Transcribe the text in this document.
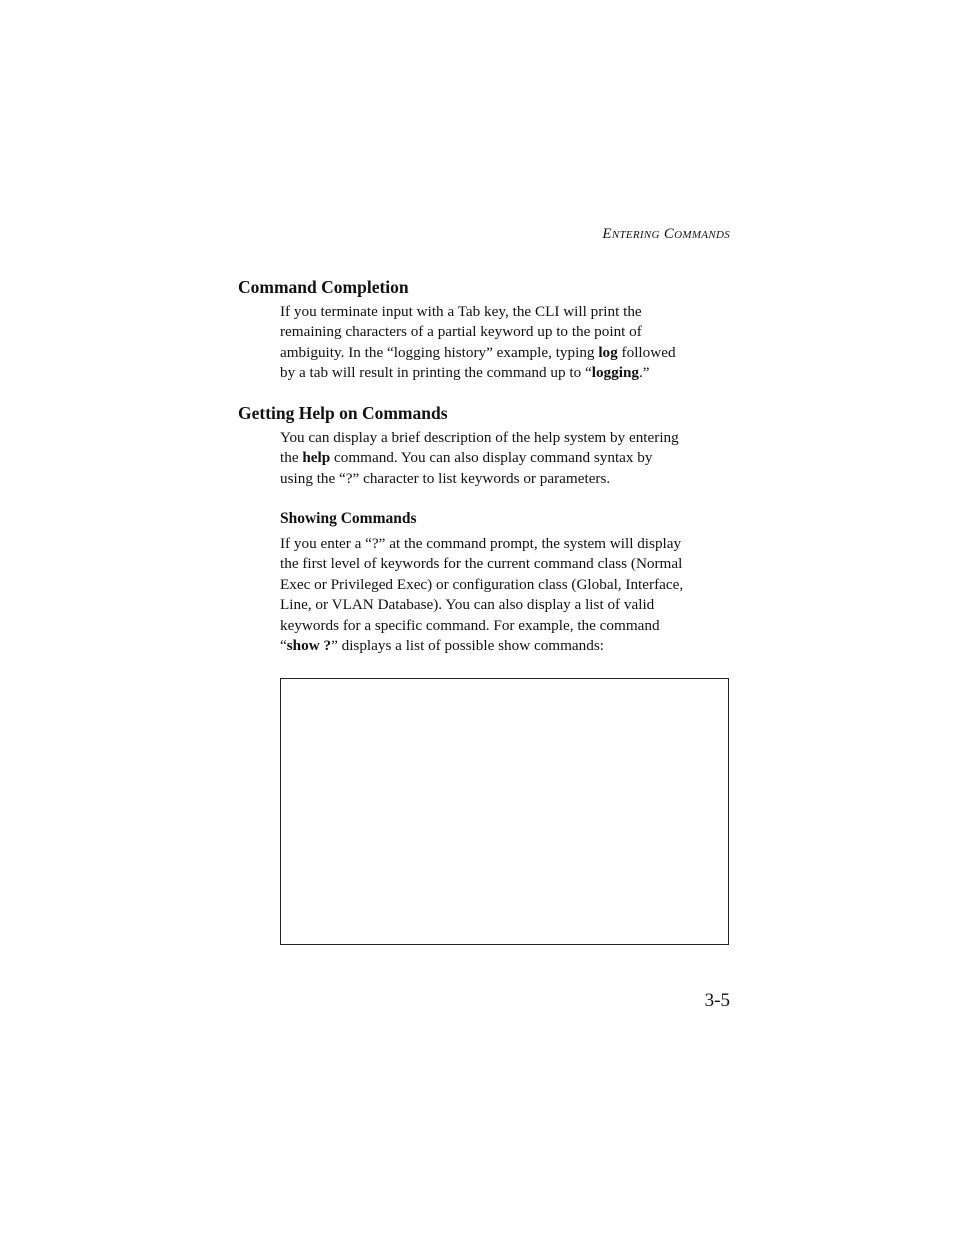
Entering Commands
Command Completion

If you terminate input with a Tab key, the CLI will print the
remaining characters of a partial keyword up to the point of
ambiguity. In the “logging history” example, typing log followed
by a tab will result in printing the command up to “logging.”

Getting Help on Commands

You can display a brief description of the help system by entering
the help command. You can also display command syntax by
using the “?” character to list keywords or parameters.

Showing Commands

If you enter a “?” at the command prompt, the system will display
the first level of keywords for the current command class (Normal
Exec or Privileged Exec) or configuration class (Global, Interface,
Line, or VLAN Database). You can also display a list of valid
keywords for a specific command. For example, the command
“show ?” displays a list of possible show commands:

3-5
